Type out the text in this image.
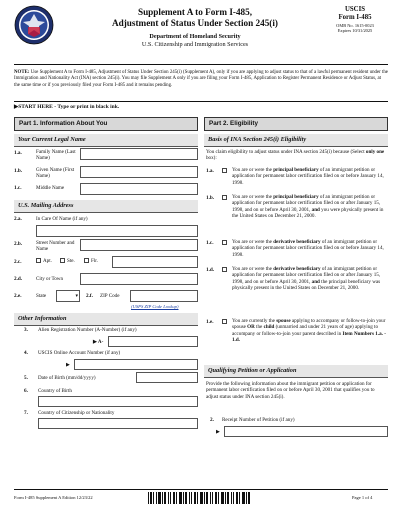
Supplement A to Form I-485,
Adjustment of Status Under Section 245(i)
Department of Homeland Security
U.S. Citizenship and Immigration Services
USCIS
Form I-485
OMB No. 1615-0023
Expires 10/31/2025
NOTE: Use Supplement A to Form I-485, Adjustment of Status Under Section 245(i) (Supplement A), only if you are applying to adjust status to that of a lawful permanent resident under the Immigration and Nationality Act (INA) section 245(i). You may file Supplement A only if you are filing your Form I-485, Application to Register Permanent Residence or Adjust Status, at the same time or if you previously filed your Form I-485 and it remains pending.
▶START HERE - Type or print in black ink.
Part 1. Information About You
Your Current Legal Name
1.a.	Family Name (Last Name)
1.b.	Given Name (First Name)
1.c.	Middle Name
U.S. Mailing Address
2.a.	In Care Of Name (if any)
2.b.	Street Number and Name
2.c.	Apt.	Ste.	Flr.
2.d.	City or Town
2.e.	State	▾ 2.f. ZIP Code
(USPS ZIP Code Lookup)
Other Information
3. Alien Registration Number (A-Number) (if any)
▶ A-
4. USCIS Online Account Number (if any)
▶
5. Date of Birth (mm/dd/yyyy)
6. Country of Birth
7. Country of Citizenship or Nationality
Part 2. Eligibility
Basis of INA Section 245(i) Eligibility
You claim eligibility to adjust status under INA section 245(i) because (Select only one box):
1.a.	You are or were the principal beneficiary of an immigrant petition or application for permanent labor certification filed on or before January 14, 1998.
1.b.	You are or were the principal beneficiary of an immigrant petition or application for permanent labor certification filed on or after January 15, 1998, and on or before April 30, 2001, and you were physically present in the United States on December 21, 2000.
1.c.	You are or were the derivative beneficiary of an immigrant petition or application for permanent labor certification filed on or before January 14, 1998.
1.d.	You are or were the derivative beneficiary of an immigrant petition or application for permanent labor certification filed on or after January 15, 1998, and on or before April 30, 2001, and the principal beneficiary was physically present in the United States on December 21, 2000.
1.e.	You are currently the spouse applying to accompany or follow-to-join your spouse OR the child (unmarried and under 21 years of age) applying to accompany or follow-to-join your parent described in Item Numbers 1.a. - 1.d.
Qualifying Petition or Application
Provide the following information about the immigrant petition or application for permanent labor certification filed on or before April 30, 2001 that qualifies you to adjust status under INA section 245(i).
2. Receipt Number of Petition (if any)
▶
Form I-485 Supplement A Edition 12/23/22	Page 1 of 4
